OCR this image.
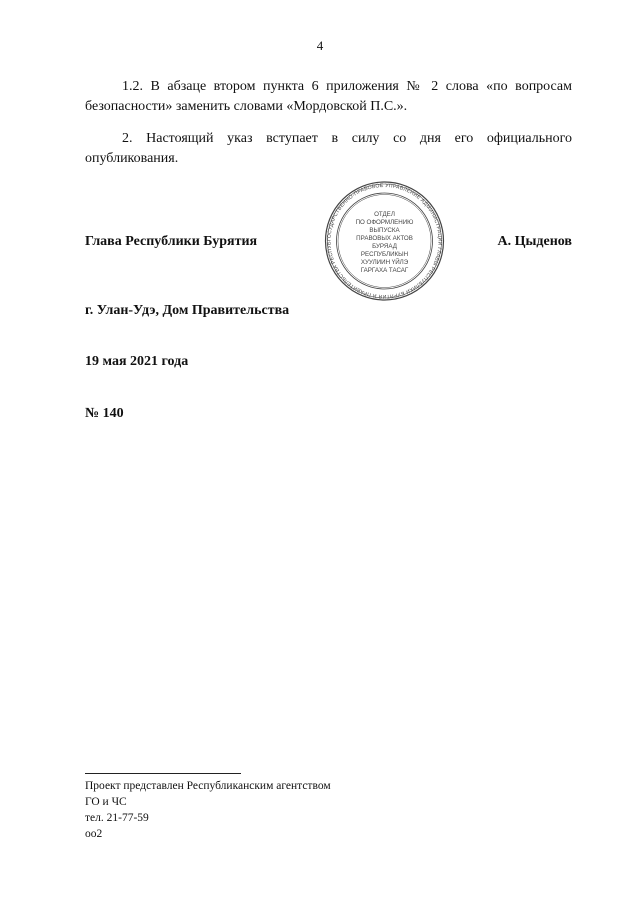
4
1.2. В абзаце втором пункта 6 приложения № 2 слова «по вопросам безопасности» заменить словами «Мордовской П.С.».
2. Настоящий указ вступает в силу со дня его официального опубликования.
Глава Республики Бурятия	А. Цыденов
ГОСУДАРСТВЕННО-ПРАВОВОЕ УПРАВЛЕНИЕ АДМИНИСТРАЦИИ ГЛАВЫ РЕСПУБЛИКИ БУРЯТИЯ И ПРАВИТЕЛЬСТВА РЕСПУБ
ОТДЕЛ
ПО ОФОРМЛЕНИЮ
ВЫПУСКА
ПРАВОВЫХ АКТОВ
БУРЯАД
РЕСПУБЛИКЫН
ХУУЛИИН ҮЙЛЭ
ГАРГАХА ТАСАГ
г. Улан-Удэ, Дом Правительства
19 мая 2021 года
№ 140
Проект представлен Республиканским агентством
ГО и ЧС
тел. 21-77-59
оо2
